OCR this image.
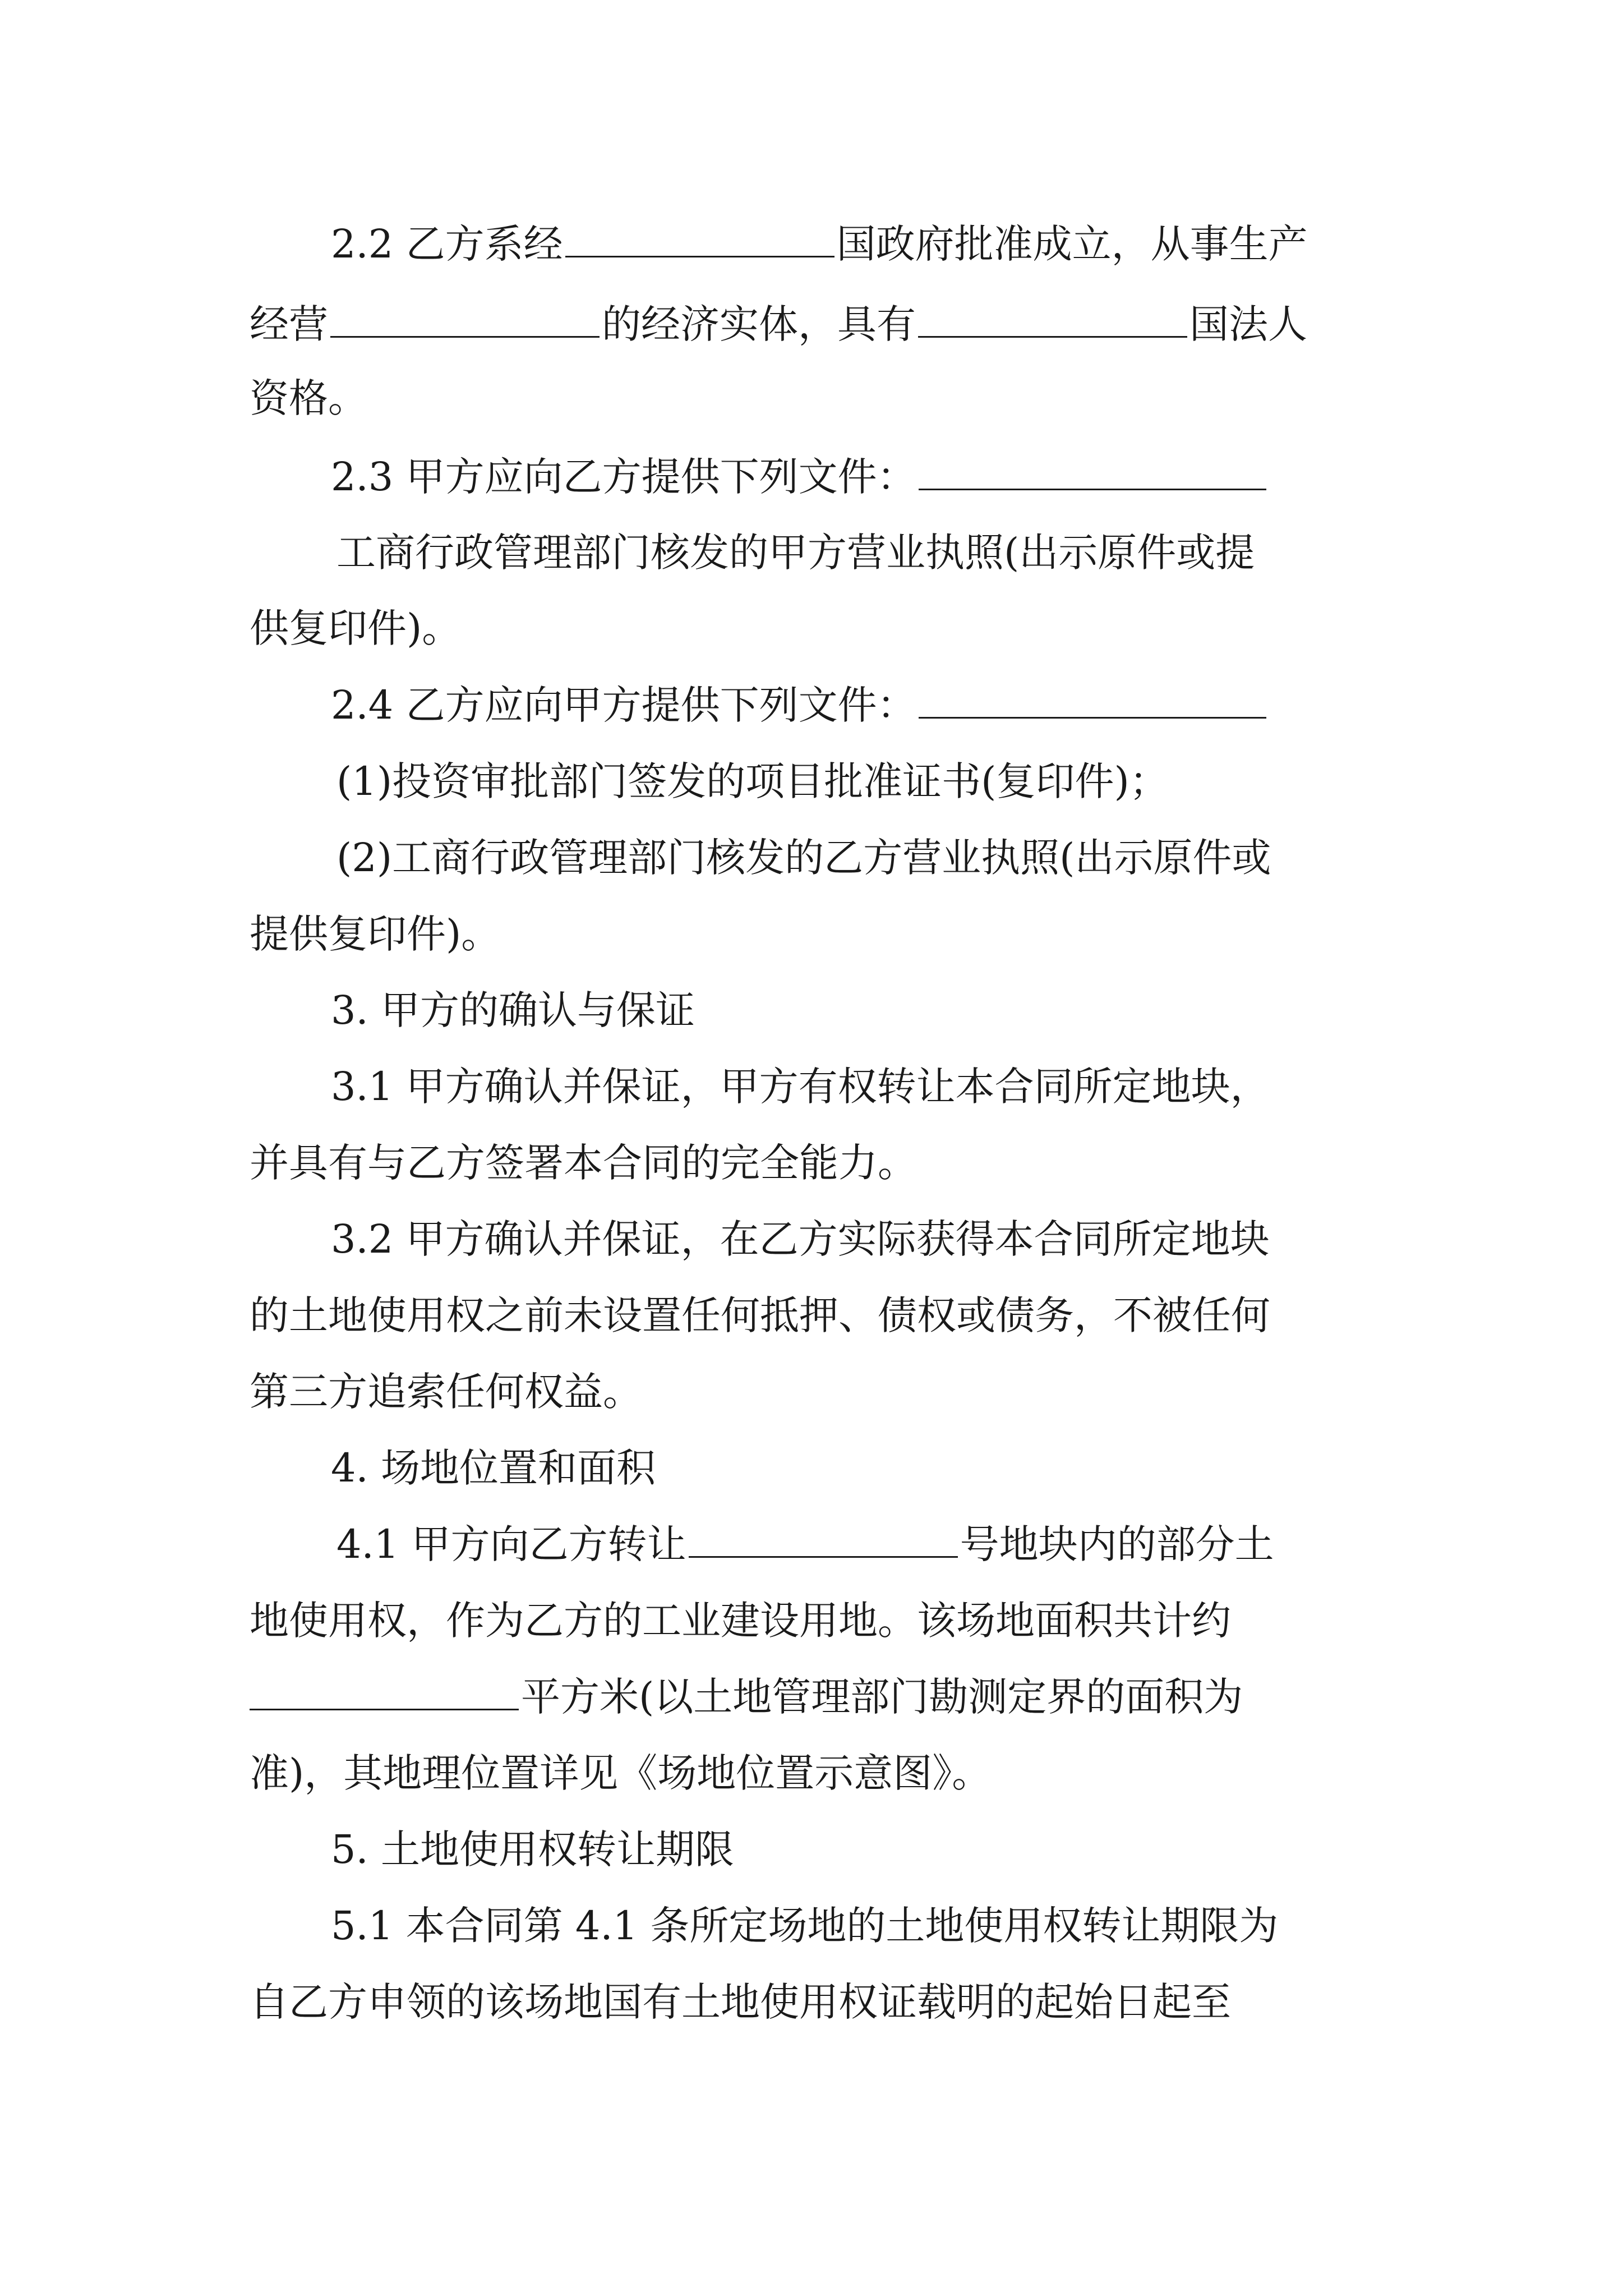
2.2 乙方系经	国政府批准成立，从事生产
经营	的经济实体，具有	国法人
资格。
2.3 甲方应向乙方提供下列文件：
工商行政管理部门核发的甲方营业执照(出示原件或提
供复印件)。
2.4 乙方应向甲方提供下列文件：
(1)投资审批部门签发的项目批准证书(复印件)；
(2)工商行政管理部门核发的乙方营业执照(出示原件或
提供复印件)。
3. 甲方的确认与保证
3.1 甲方确认并保证，甲方有权转让本合同所定地块，
并具有与乙方签署本合同的完全能力。
3.2 甲方确认并保证，在乙方实际获得本合同所定地块
的土地使用权之前未设置任何抵押、债权或债务，不被任何
第三方追索任何权益。
4. 场地位置和面积
4.1 甲方向乙方转让	号地块内的部分土
地使用权，作为乙方的工业建设用地。该场地面积共计约
平方米(以土地管理部门勘测定界的面积为
准)，其地理位置详见《场地位置示意图》。
5. 土地使用权转让期限
5.1 本合同第 4.1 条所定场地的土地使用权转让期限为
自乙方申领的该场地国有土地使用权证载明的起始日起至
